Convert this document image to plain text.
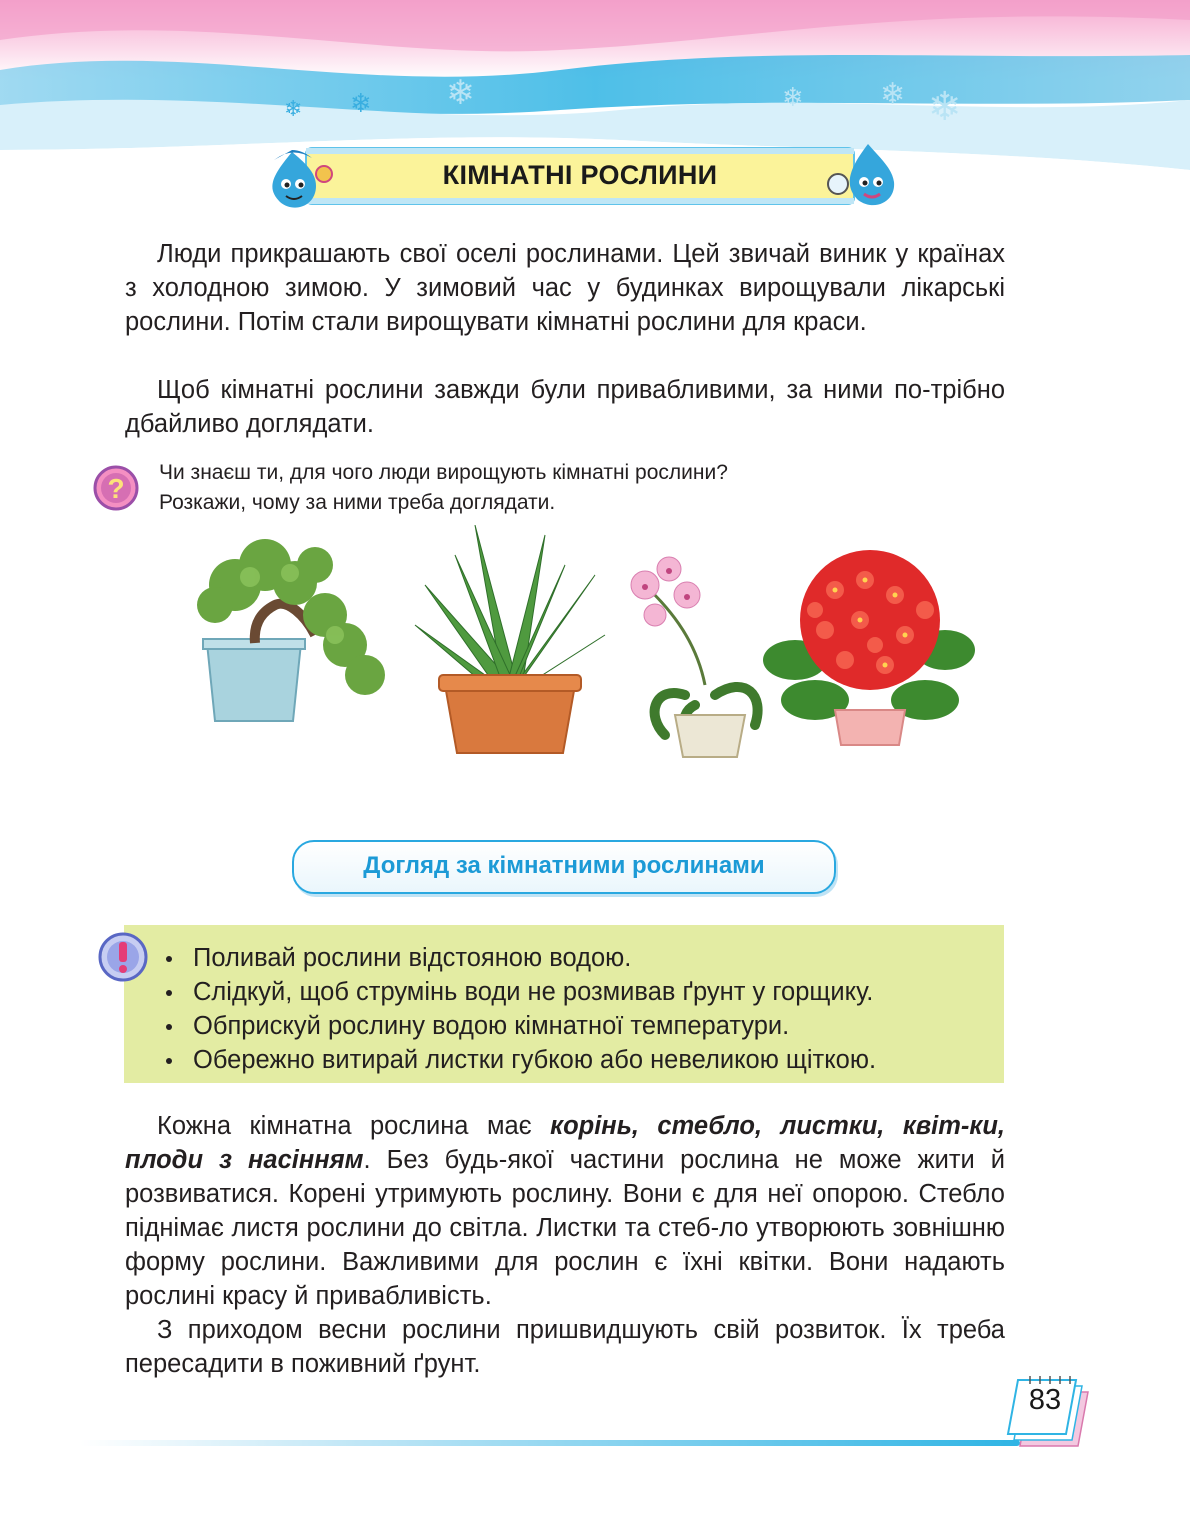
❄ ❄ ❄	❄	❄ ❄
КІМНАТНІ РОСЛИНИ

Люди прикрашають свої оселі рослинами. Цей звичай виник у країнах з холодною зимою. У зимовий час у будинках вирощували лікарські рослини. Потім стали вирощувати кімнатні рослини для краси.

Щоб кімнатні рослини завжди були привабливими, за ними по-трібно дбайливо доглядати.

?
Чи знаєш ти, для чого люди вирощують кімнатні рослини?
Розкажи, чому за ними треба доглядати.
Догляд за кімнатними рослинами
Поливай рослини відстояною водою.
Слідкуй, щоб струмінь води не розмивав ґрунт у горщику.
Обприскуй рослину водою кімнатної температури.
Обережно витирай листки губкою або невеликою щіткою.

Кожна кімнатна рослина має корінь, стебло, листки, квіт-ки, плоди з насінням. Без будь-якої частини рослина не може жити й розвиватися. Корені утримують рослину. Вони є для неї опорою. Стебло піднімає листя рослини до світла. Листки та стеб-ло утворюють зовнішню форму рослини. Важливими для рослин є їхні квітки. Вони надають рослині красу й привабливість.

З приходом весни рослини пришвидшують свій розвиток. Їх треба пересадити в поживний ґрунт.

83
